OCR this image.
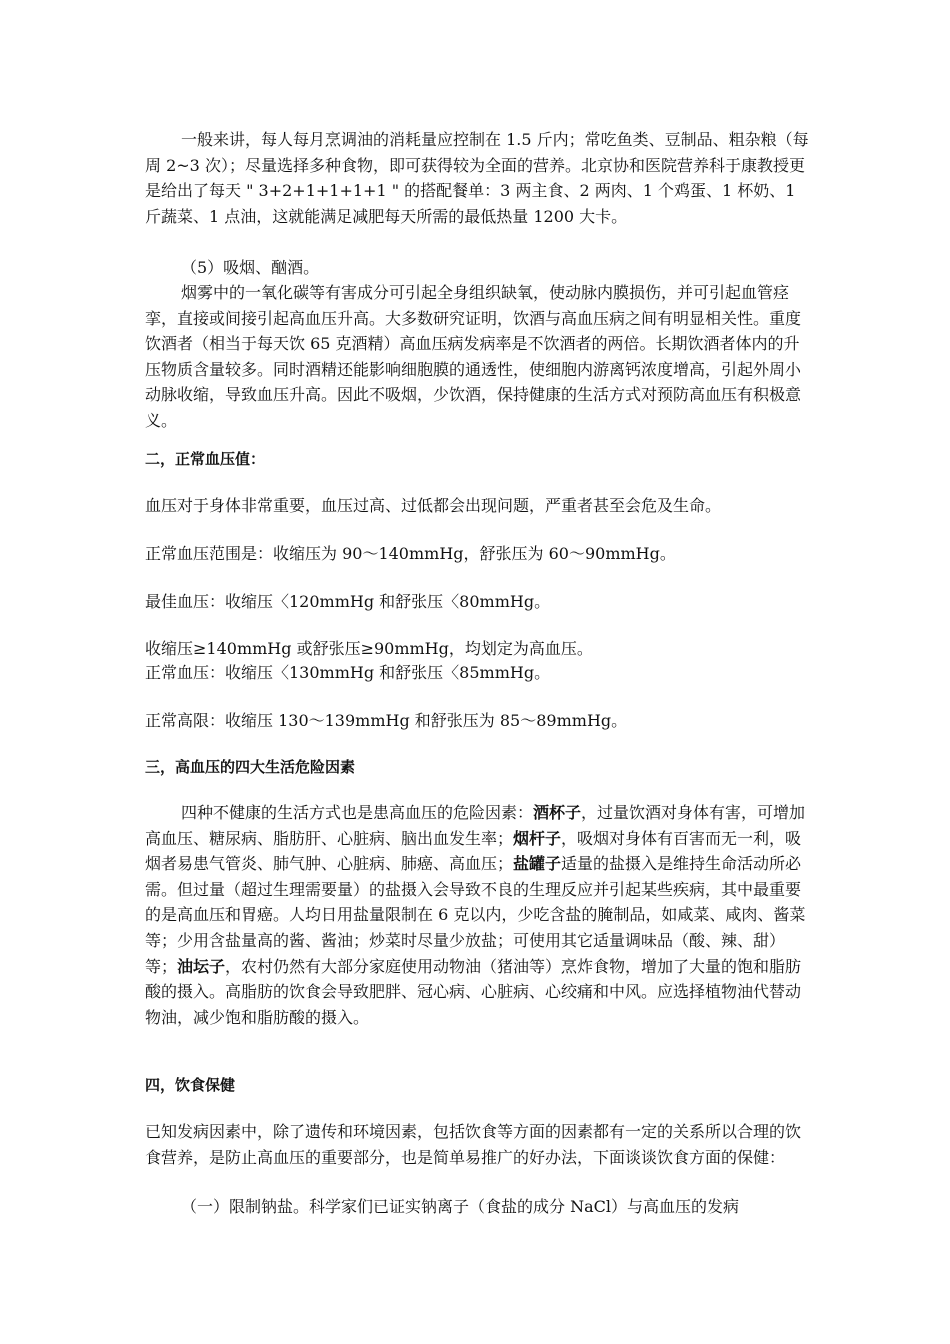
一般来讲，每人每月烹调油的消耗量应控制在 1.5 斤内；常吃鱼类、豆制品、粗杂粮（每周 2~3 次）；尽量选择多种食物，即可获得较为全面的营养。北京协和医院营养科于康教授更是给出了每天 " 3+2+1+1+1+1 " 的搭配餐单：3 两主食、2 两肉、1 个鸡蛋、1 杯奶、1 斤蔬菜、1 点油，这就能满足减肥每天所需的最低热量 1200 大卡。

（5）吸烟、酗酒。

烟雾中的一氧化碳等有害成分可引起全身组织缺氧，使动脉内膜损伤，并可引起血管痉挛，直接或间接引起高血压升高。大多数研究证明，饮酒与高血压病之间有明显相关性。重度饮酒者（相当于每天饮 65 克酒精）高血压病发病率是不饮酒者的两倍。长期饮酒者体内的升压物质含量较多。同时酒精还能影响细胞膜的通透性，使细胞内游离钙浓度增高，引起外周小动脉收缩，导致血压升高。因此不吸烟，少饮酒，保持健康的生活方式对预防高血压有积极意义。

二，正常血压值：

血压对于身体非常重要，血压过高、过低都会出现问题，严重者甚至会危及生命。

正常血压范围是：收缩压为 90～140mmHg，舒张压为 60～90mmHg。

最佳血压：收缩压〈120mmHg 和舒张压〈80mmHg。

收缩压≥140mmHg 或舒张压≥90mmHg，均划定为高血压。

正常血压：收缩压〈130mmHg 和舒张压〈85mmHg。

正常高限：收缩压 130～139mmHg 和舒张压为 85～89mmHg。

三，高血压的四大生活危险因素

四种不健康的生活方式也是患高血压的危险因素：酒杯子，过量饮酒对身体有害，可增加高血压、糖尿病、脂肪肝、心脏病、脑出血发生率；烟杆子，吸烟对身体有百害而无一利，吸烟者易患气管炎、肺气肿、心脏病、肺癌、高血压；盐罐子适量的盐摄入是维持生命活动所必需。但过量（超过生理需要量）的盐摄入会导致不良的生理反应并引起某些疾病，其中最重要的是高血压和胃癌。人均日用盐量限制在 6 克以内，少吃含盐的腌制品，如咸菜、咸肉、酱菜等；少用含盐量高的酱、酱油；炒菜时尽量少放盐；可使用其它适量调味品（酸、辣、甜）等；油坛子，农村仍然有大部分家庭使用动物油（猪油等）烹炸食物，增加了大量的饱和脂肪酸的摄入。高脂肪的饮食会导致肥胖、冠心病、心脏病、心绞痛和中风。应选择植物油代替动物油，减少饱和脂肪酸的摄入。

四，饮食保健

已知发病因素中，除了遗传和环境因素，包括饮食等方面的因素都有一定的关系所以合理的饮食营养，是防止高血压的重要部分，也是简单易推广的好办法，下面谈谈饮食方面的保健：

（一）限制钠盐。科学家们已证实钠离子（食盐的成分 NaCl）与高血压的发病
